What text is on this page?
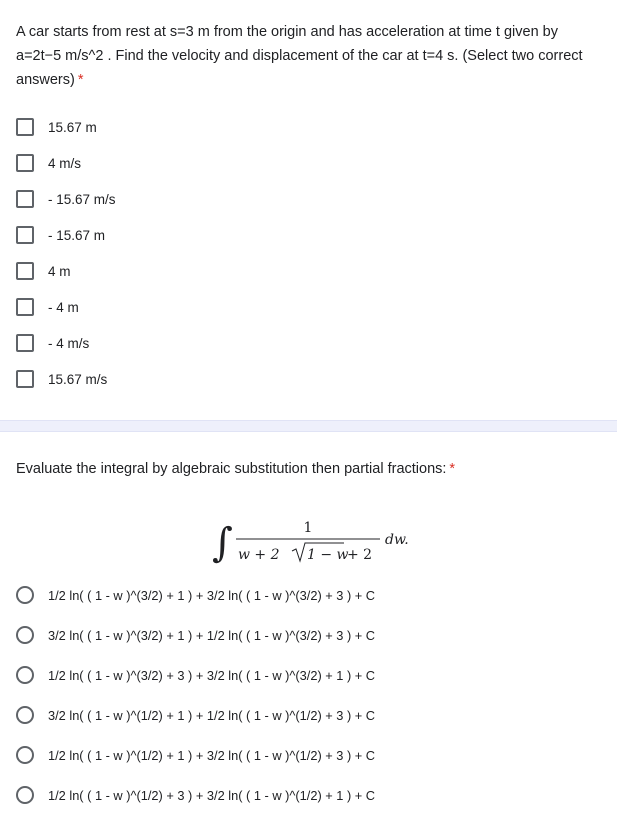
A car starts from rest at s=3 m from the origin and has acceleration at time t given by a=2t−5 m/s^2 . Find the velocity and displacement of the car at t=4 s. (Select two correct answers) *
15.67 m
4 m/s
- 15.67 m/s
- 15.67 m
4 m
- 4 m
- 4 m/s
15.67 m/s
Evaluate the integral by algebraic substitution then partial fractions: *
∫	1
w + 2 1 − w
+ 2
dw.
1/2 ln( ( 1 - w )^(3/2) + 1 ) + 3/2 ln( ( 1 - w )^(3/2) + 3 ) + C
3/2 ln( ( 1 - w )^(3/2) + 1 ) + 1/2 ln( ( 1 - w )^(3/2) + 3 ) + C
1/2 ln( ( 1 - w )^(3/2) + 3 ) + 3/2 ln( ( 1 - w )^(3/2) + 1 ) + C
3/2 ln( ( 1 - w )^(1/2) + 1 ) + 1/2 ln( ( 1 - w )^(1/2) + 3 ) + C
1/2 ln( ( 1 - w )^(1/2) + 1 ) + 3/2 ln( ( 1 - w )^(1/2) + 3 ) + C
1/2 ln( ( 1 - w )^(1/2) + 3 ) + 3/2 ln( ( 1 - w )^(1/2) + 1 ) + C
